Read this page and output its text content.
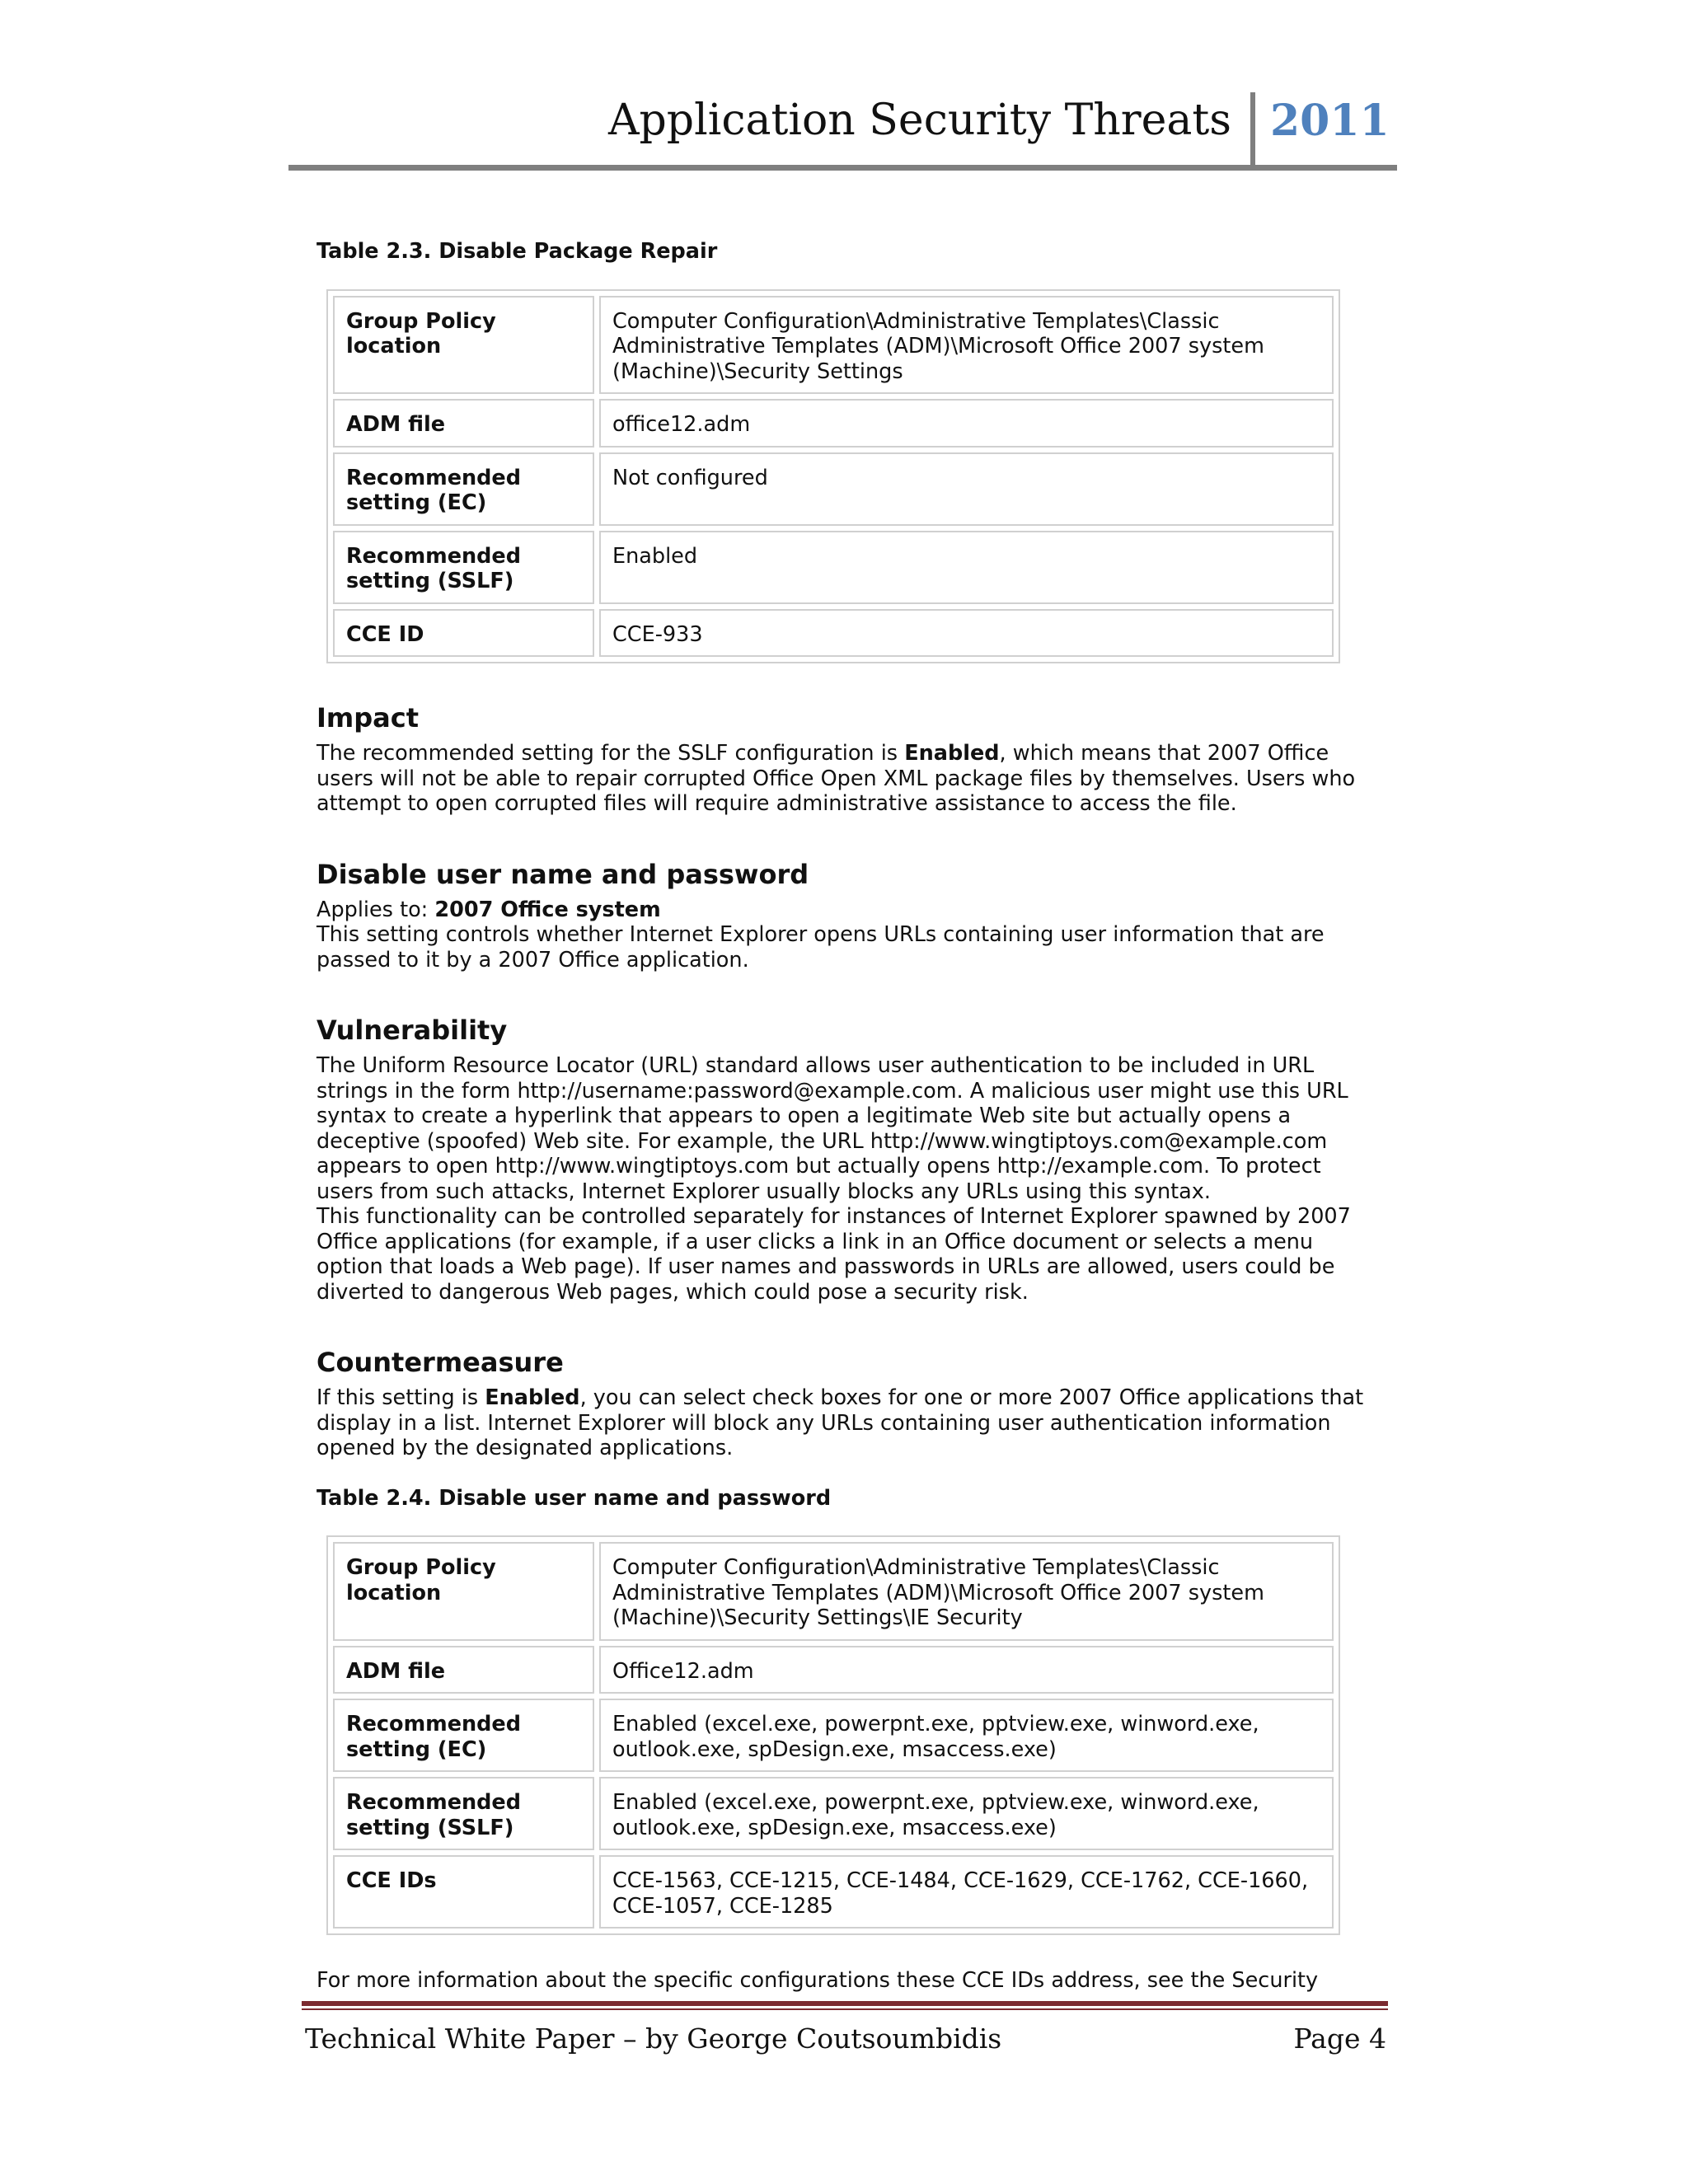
Application Security Threats 2011

Table 2.3. Disable Package Repair

Group Policy location	Computer Configuration\Administrative Templates\Classic Administrative Templates (ADM)\Microsoft Office 2007 system (Machine)\Security Settings
ADM file	office12.adm
Recommended setting (EC)	Not configured
Recommended setting (SSLF)	Enabled
CCE ID	CCE-933
Impact

The recommended setting for the SSLF configuration is Enabled, which means that 2007 Office users will not be able to repair corrupted Office Open XML package files by themselves. Users who attempt to open corrupted files will require administrative assistance to access the file.

Disable user name and password

Applies to: 2007 Office system

This setting controls whether Internet Explorer opens URLs containing user information that are passed to it by a 2007 Office application.

Vulnerability

The Uniform Resource Locator (URL) standard allows user authentication to be included in URL strings in the form http://username:password@example.com. A malicious user might use this URL syntax to create a hyperlink that appears to open a legitimate Web site but actually opens a deceptive (spoofed) Web site. For example, the URL http://www.wingtiptoys.com@example.com appears to open http://www.wingtiptoys.com but actually opens http://example.com. To protect users from such attacks, Internet Explorer usually blocks any URLs using this syntax.

This functionality can be controlled separately for instances of Internet Explorer spawned by 2007 Office applications (for example, if a user clicks a link in an Office document or selects a menu option that loads a Web page). If user names and passwords in URLs are allowed, users could be diverted to dangerous Web pages, which could pose a security risk.

Countermeasure

If this setting is Enabled, you can select check boxes for one or more 2007 Office applications that display in a list. Internet Explorer will block any URLs containing user authentication information opened by the designated applications.

Table 2.4. Disable user name and password

Group Policy location	Computer Configuration\Administrative Templates\Classic Administrative Templates (ADM)\Microsoft Office 2007 system (Machine)\Security Settings\IE Security
ADM file	Office12.adm
Recommended setting (EC)	Enabled (excel.exe, powerpnt.exe, pptview.exe, winword.exe, outlook.exe, spDesign.exe, msaccess.exe)
Recommended setting (SSLF)	Enabled (excel.exe, powerpnt.exe, pptview.exe, winword.exe, outlook.exe, spDesign.exe, msaccess.exe)
CCE IDs	CCE-1563, CCE-1215, CCE-1484, CCE-1629, CCE-1762, CCE-1660, CCE-1057, CCE-1285

For more information about the specific configurations these CCE IDs address, see the Security

Technical White Paper – by George Coutsoumbidis	Page 4
